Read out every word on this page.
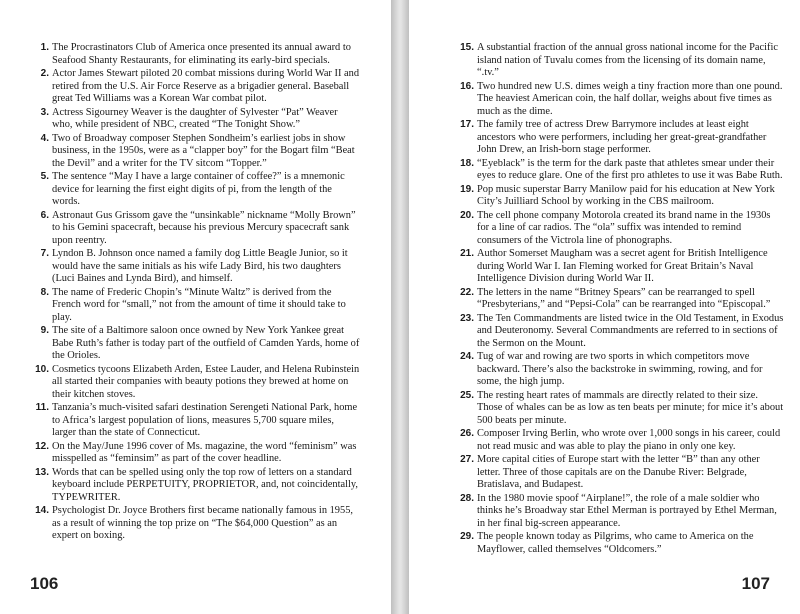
1. The Procrastinators Club of America once presented its annual award to Seafood Shanty Restaurants, for eliminating its early-bird specials.
2. Actor James Stewart piloted 20 combat missions during World War II and retired from the U.S. Air Force Reserve as a brigadier general. Baseball great Ted Williams was a Korean War combat pilot.
3. Actress Sigourney Weaver is the daughter of Sylvester “Pat” Weaver who, while president of NBC, created “The Tonight Show.”
4. Two of Broadway composer Stephen Sondheim’s earliest jobs in show business, in the 1950s, were as a “clapper boy” for the Bogart film “Beat the Devil” and a writer for the TV sitcom “Topper.”
5. The sentence “May I have a large container of coffee?” is a mnemonic device for learning the first eight digits of pi, from the length of the words.
6. Astronaut Gus Grissom gave the “unsinkable” nickname “Molly Brown” to his Gemini spacecraft, because his previous Mercury spacecraft sank upon reentry.
7. Lyndon B. Johnson once named a family dog Little Beagle Junior, so it would have the same initials as his wife Lady Bird, his two daughters (Luci Baines and Lynda Bird), and himself.
8. The name of Frederic Chopin’s “Minute Waltz” is derived from the French word for “small,” not from the amount of time it should take to play.
9. The site of a Baltimore saloon once owned by New York Yankee great Babe Ruth’s father is today part of the outfield of Camden Yards, home of the Orioles.
10. Cosmetics tycoons Elizabeth Arden, Estee Lauder, and Helena Rubinstein all started their companies with beauty potions they brewed at home on their kitchen stoves.
11. Tanzania’s much-visited safari destination Serengeti National Park, home to Africa’s largest population of lions, measures 5,700 square miles, larger than the state of Connecticut.
12. On the May/June 1996 cover of Ms. magazine, the word “feminism” was misspelled as “feminsim” as part of the cover headline.
13. Words that can be spelled using only the top row of letters on a standard keyboard include PERPETUITY, PROPRIETOR, and, not coincidentally, TYPEWRITER.
14. Psychologist Dr. Joyce Brothers first became nationally famous in 1955, as a result of winning the top prize on “The $64,000 Question” as an expert on boxing.
106
15. A substantial fraction of the annual gross national income for the Pacific island nation of Tuvalu comes from the licensing of its domain name, “.tv.”
16. Two hundred new U.S. dimes weigh a tiny fraction more than one pound. The heaviest American coin, the half dollar, weighs about five times as much as the dime.
17. The family tree of actress Drew Barrymore includes at least eight ancestors who were performers, including her great-great-grandfather John Drew, an Irish-born stage performer.
18. “Eyeblack” is the term for the dark paste that athletes smear under their eyes to reduce glare. One of the first pro athletes to use it was Babe Ruth.
19. Pop music superstar Barry Manilow paid for his education at New York City’s Juilliard School by working in the CBS mailroom.
20. The cell phone company Motorola created its brand name in the 1930s for a line of car radios. The “ola” suffix was intended to remind consumers of the Victrola line of phonographs.
21. Author Somerset Maugham was a secret agent for British Intelligence during World War I. Ian Fleming worked for Great Britain’s Naval Intelligence Division during World War II.
22. The letters in the name “Britney Spears” can be rearranged to spell “Presbyterians,” and “Pepsi-Cola” can be rearranged into “Episcopal.”
23. The Ten Commandments are listed twice in the Old Testament, in Exodus and Deuteronomy. Several Commandments are referred to in sections of the Sermon on the Mount.
24. Tug of war and rowing are two sports in which competitors move backward. There’s also the backstroke in swimming, rowing, and for some, the high jump.
25. The resting heart rates of mammals are directly related to their size. Those of whales can be as low as ten beats per minute; for mice it’s about 500 beats per minute.
26. Composer Irving Berlin, who wrote over 1,000 songs in his career, could not read music and was able to play the piano in only one key.
27. More capital cities of Europe start with the letter “B” than any other letter. Three of those capitals are on the Danube River: Belgrade, Bratislava, and Budapest.
28. In the 1980 movie spoof “Airplane!”, the role of a male soldier who thinks he’s Broadway star Ethel Merman is portrayed by Ethel Merman, in her final big-screen appearance.
29. The people known today as Pilgrims, who came to America on the Mayflower, called themselves “Oldcomers.”
107
